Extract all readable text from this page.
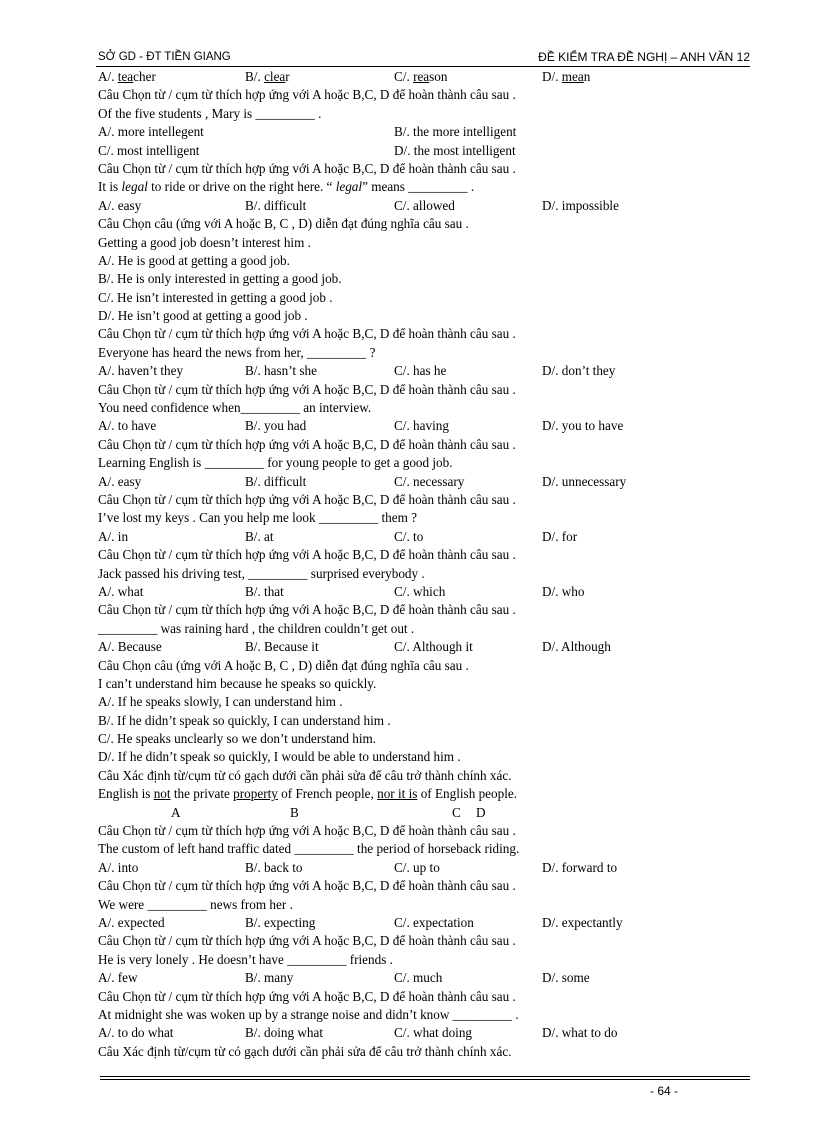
SỞ GD - ĐT TIỀN GIANG	ĐỀ KIỂM TRA ĐỀ NGHỊ – ANH VĂN 12
A/. teacher	B/. clear	C/. reason	D/. mean
Câu Chọn từ / cụm từ thích hợp ứng với A hoặc B,C, D để hoàn thành câu sau .
Of the five students , Mary is _________ .
A/. more intellegent	B/. the more intelligent
C/. most intelligent	D/. the most intelligent
Câu Chọn từ / cụm từ thích hợp ứng với A hoặc B,C, D để hoàn thành câu sau .
It is legal to ride or drive on the right here. “ legal” means _________ .
A/. easy	B/. difficult	C/. allowed	D/. impossible
Câu Chọn câu (ứng với A hoặc B, C , D) diễn đạt đúng nghĩa câu sau .
Getting a good job doesn’t interest him .
A/. He is good at getting a good job.
B/. He is only interested in getting a good job.
C/. He isn’t interested in getting a good job .
D/. He isn’t good at getting a good job .
Câu Chọn từ / cụm từ thích hợp ứng với A hoặc B,C, D để hoàn thành câu sau .
Everyone has heard the news from her, _________ ?
A/. haven’t they	B/. hasn’t she	C/. has he	D/. don’t they
Câu Chọn từ / cụm từ thích hợp ứng với A hoặc B,C, D để hoàn thành câu sau .
You need confidence when_________ an interview.
A/. to have	B/. you had	C/. having	D/. you to have
Câu Chọn từ / cụm từ thích hợp ứng với A hoặc B,C, D để hoàn thành câu sau .
Learning English is _________ for young people to get a good job.
A/. easy	B/. difficult	C/. necessary	D/. unnecessary
Câu Chọn từ / cụm từ thích hợp ứng với A hoặc B,C, D để hoàn thành câu sau .
I’ve lost my keys . Can you help me look _________ them ?
A/. in	B/. at	C/. to	D/. for
Câu Chọn từ / cụm từ thích hợp ứng với A hoặc B,C, D để hoàn thành câu sau .
Jack passed his driving test, _________ surprised everybody .
A/. what	B/. that	C/. which	D/. who
Câu Chọn từ / cụm từ thích hợp ứng với A hoặc B,C, D để hoàn thành câu sau .
_________ was raining hard , the children couldn’t get out .
A/. Because	B/. Because it	C/. Although it	D/. Although
Câu Chọn câu (ứng với A hoặc B, C , D) diễn đạt đúng nghĩa câu sau .
I can’t understand him because he speaks so quickly.
A/. If he speaks slowly, I can understand him .
B/. If he didn’t speak so quickly, I can understand him .
C/. He speaks unclearly so we don’t understand him.
D/. If he didn’t speak so quickly, I would be able to understand him .
Câu Xác định từ/cụm từ có gạch dưới cần phải sửa để câu trở thành chính xác.
English is not the private property of French people, nor it is of English people.
A	B	C D
Câu Chọn từ / cụm từ thích hợp ứng với A hoặc B,C, D để hoàn thành câu sau .
The custom of left hand traffic dated _________ the period of horseback riding.
A/. into	B/. back to	C/. up to	D/. forward to
Câu Chọn từ / cụm từ thích hợp ứng với A hoặc B,C, D để hoàn thành câu sau .
We were _________ news from her .
A/. expected	B/. expecting	C/. expectation	D/. expectantly
Câu Chọn từ / cụm từ thích hợp ứng với A hoặc B,C, D để hoàn thành câu sau .
He is very lonely . He doesn’t have _________ friends .
A/. few	B/. many	C/. much	D/. some
Câu Chọn từ / cụm từ thích hợp ứng với A hoặc B,C, D để hoàn thành câu sau .
At midnight she was woken up by a strange noise and didn’t know _________ .
A/. to do what	B/. doing what	C/. what doing	D/. what to do
Câu Xác định từ/cụm từ có gạch dưới cần phải sửa để câu trở thành chính xác.
- 64 -
